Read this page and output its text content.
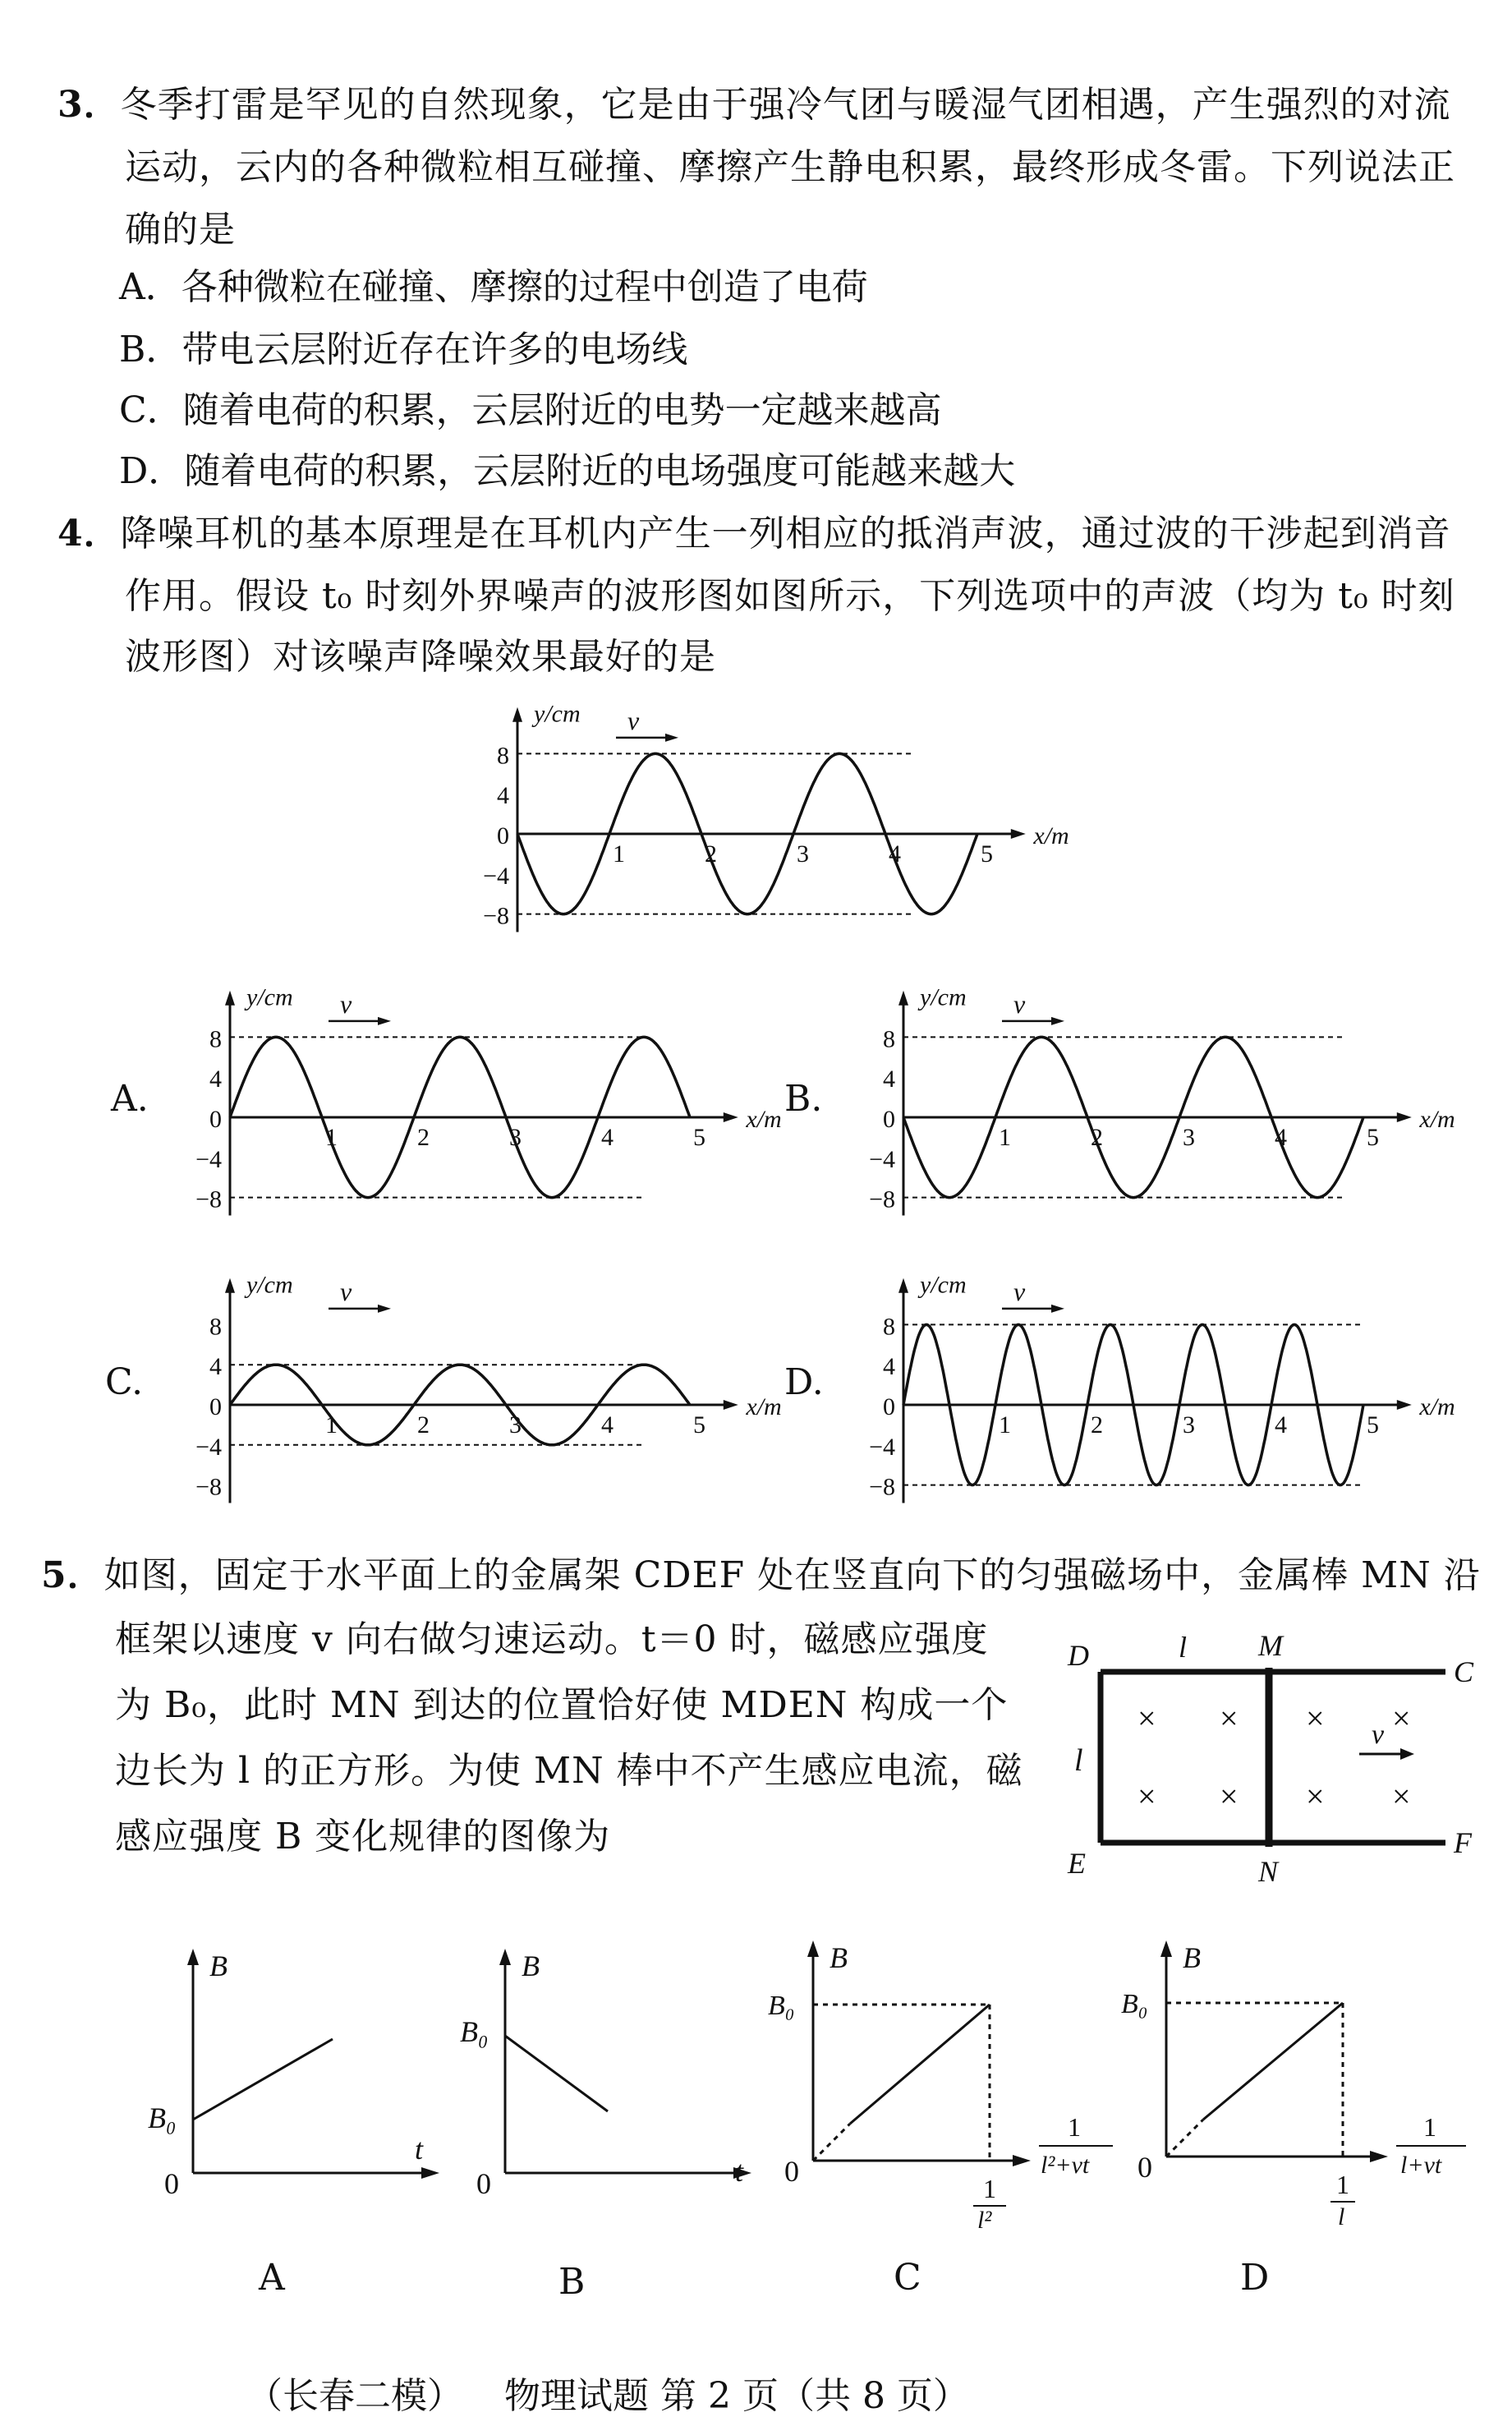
3．冬季打雷是罕见的自然现象，它是由于强冷气团与暖湿气团相遇，产生强烈的对流
运动，云内的各种微粒相互碰撞、摩擦产生静电积累，最终形成冬雷。下列说法正
确的是
A．各种微粒在碰撞、摩擦的过程中创造了电荷
B．带电云层附近存在许多的电场线
C．随着电荷的积累，云层附近的电势一定越来越高
D．随着电荷的积累，云层附近的电场强度可能越来越大
4．降噪耳机的基本原理是在耳机内产生一列相应的抵消声波，通过波的干涉起到消音
作用。假设 t₀ 时刻外界噪声的波形图如图所示，下列选项中的声波（均为 t₀ 时刻
波形图）对该噪声降噪效果最好的是
8
4
0
−4
−8
1	2	3	4	5
y/cm
x/m
v
A.
8
4
0
−4
−8
1	2	3	4	5
y/cm
x/m
v
B.
8
4
0
−4
−8
1	2	3	4	5
y/cm
x/m
v
C.
8
4
0
−4
−8
1	2	3	4	5
y/cm
x/m
v
D.
8
4
0
−4
−8
1	2	3	4	5
y/cm
x/m
v
5．如图，固定于水平面上的金属架 CDEF 处在竖直向下的匀强磁场中，金属棒 MN 沿
框架以速度 v 向右做匀速运动。t＝0 时，磁感应强度
为 B₀，此时 MN 到达的位置恰好使 MDEN 构成一个
边长为 l 的正方形。为使 MN 棒中不产生感应电流，磁
感应强度 B 变化规律的图像为
D	C
E
F
M
N
l
l
v
× × × ×
× × × ×
B
B₀
0
t
B
B₀
0	t
B
B₀
0
1
l²+vt
1
l²
B
B₀
0
1
l+vt
1
l
A	B	C	D
（长春二模） 物理试题 第 2 页（共 8 页）
